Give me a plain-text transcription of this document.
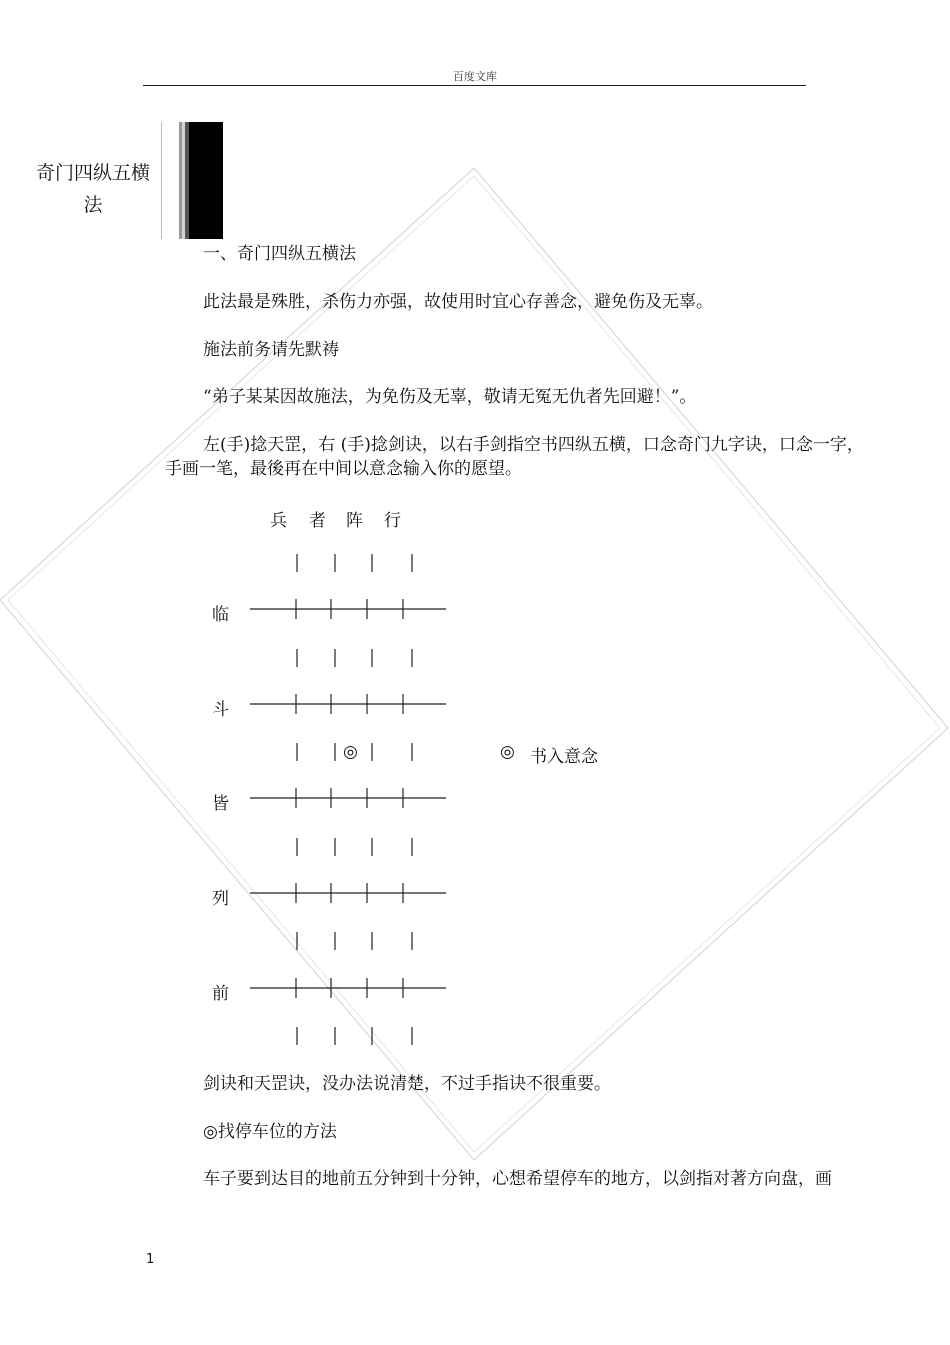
百度文库
奇门四纵五横
法
一、奇门四纵五横法
此法最是殊胜，杀伤力亦强，故使用时宜心存善念，避免伤及无辜。
施法前务请先默祷
“弟子某某因故施法，为免伤及无辜，敬请无冤无仇者先回避！”。
左(手)捻天罡，右 (手)捻剑诀，以右手剑指空书四纵五横，口念奇门九字诀，口念一字，手画一笔，最後再在中间以意念输入你的愿望。
兵 者 阵 行
临
斗
皆
列
前
◎	◎ 书入意念
剑诀和天罡诀，没办法说清楚，不过手指诀不很重要。
◎找停车位的方法
车子要到达目的地前五分钟到十分钟，心想希望停车的地方，以剑指对著方向盘，画
1
